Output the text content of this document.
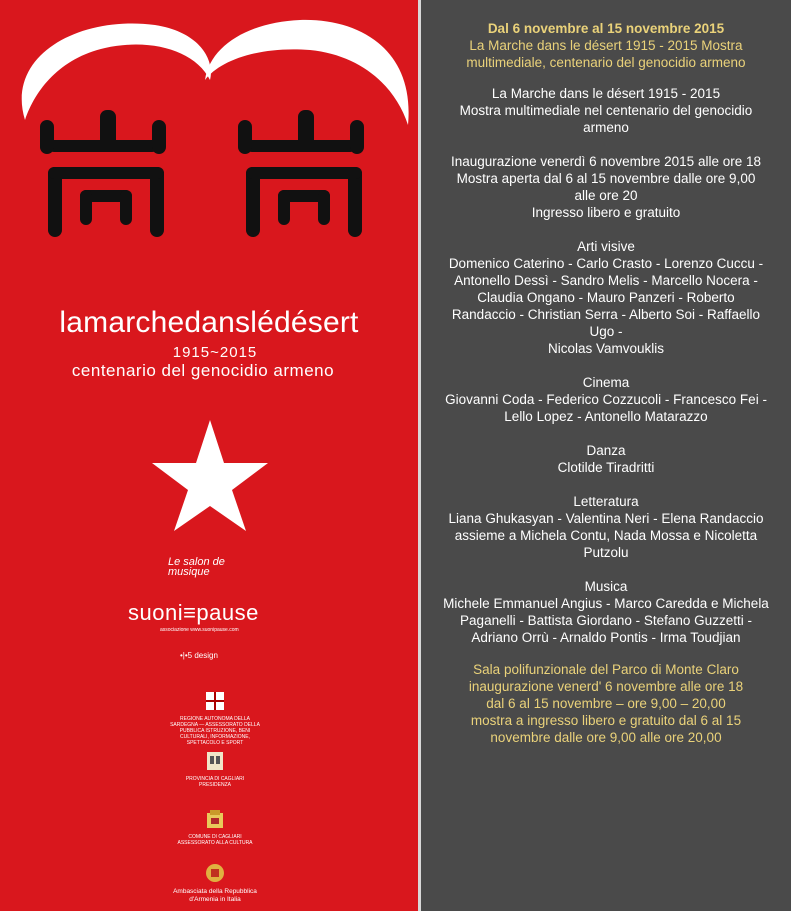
lamarchedanslédésert
1915~2015
centenario del genocidio armeno
Le salon de musique
suoni≡pause
associazione www.suonipause.com
•|•5 design
REGIONE AUTONOMA DELLA SARDEGNA — ASSESSORATO DELLA PUBBLICA ISTRUZIONE, BENI CULTURALI, INFORMAZIONE, SPETTACOLO E SPORT
PROVINCIA DI CAGLIARI PRESIDENZA
COMUNE DI CAGLIARI ASSESSORATO ALLA CULTURA
Ambasciata della Repubblica d'Armenia in Italia
Dal 6 novembre al 15 novembre 2015
La Marche dans le désert 1915 - 2015 Mostra
multimediale, centenario del genocidio armeno
La Marche dans le désert 1915 - 2015
Mostra multimediale nel centenario del genocidio
armeno
Inaugurazione venerdì 6 novembre 2015 alle ore 18
Mostra aperta dal 6 al 15 novembre dalle ore 9,00
alle ore 20
Ingresso libero e gratuito
Arti visive
Domenico Caterino - Carlo Crasto - Lorenzo Cuccu -
Antonello Dessì - Sandro Melis - Marcello Nocera -
Claudia Ongano - Mauro Panzeri - Roberto
Randaccio - Christian Serra - Alberto Soi - Raffaello
Ugo -
Nicolas Vamvouklis
Cinema
Giovanni Coda - Federico Cozzucoli - Francesco Fei -
Lello Lopez - Antonello Matarazzo
Danza
Clotilde Tiradritti
Letteratura
Liana Ghukasyan - Valentina Neri - Elena Randaccio
assieme a Michela Contu, Nada Mossa e Nicoletta
Putzolu
Musica
Michele Emmanuel Angius - Marco Caredda e Michela
Paganelli - Battista Giordano - Stefano Guzzetti -
Adriano Orrù - Arnaldo Pontis - Irma Toudjian
Sala polifunzionale del Parco di Monte Claro
inaugurazione venerd' 6 novembre alle ore 18
dal 6 al 15 novembre – ore 9,00 – 20,00
mostra a ingresso libero e gratuito dal 6 al 15
novembre dalle ore 9,00 alle ore 20,00
